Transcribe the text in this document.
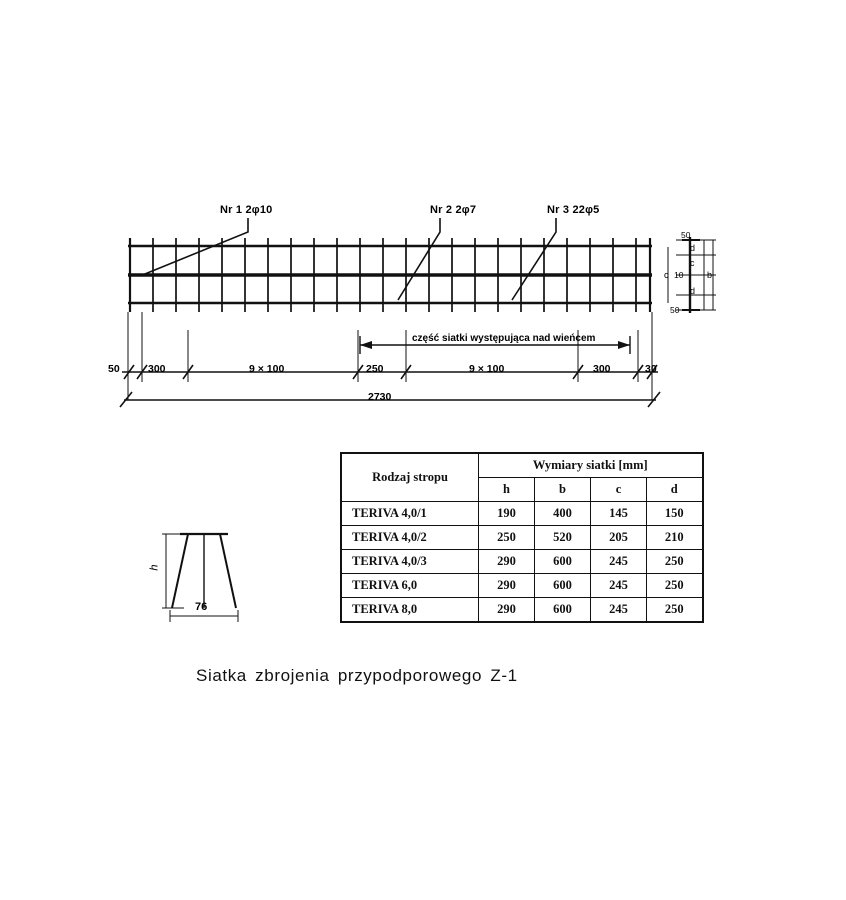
Nr 1 2φ10	Nr 2 2φ7	Nr 3 22φ5
część siatki występująca nad wieńcem
50	300	9 × 100	250	9 × 100	300	30
2730
50
c 10
c
d
b
d
50
h
76
Rodzaj stropu	Wymiary siatki [mm]			
	h	b	c	d
TERIVA 4,0/1	190	400	145	150
TERIVA 4,0/2	250	520	205	210
TERIVA 4,0/3	290	600	245	250
TERIVA 6,0	290	600	245	250
TERIVA 8,0	290	600	245	250
Siatka zbrojenia przypodporowego Z-1
